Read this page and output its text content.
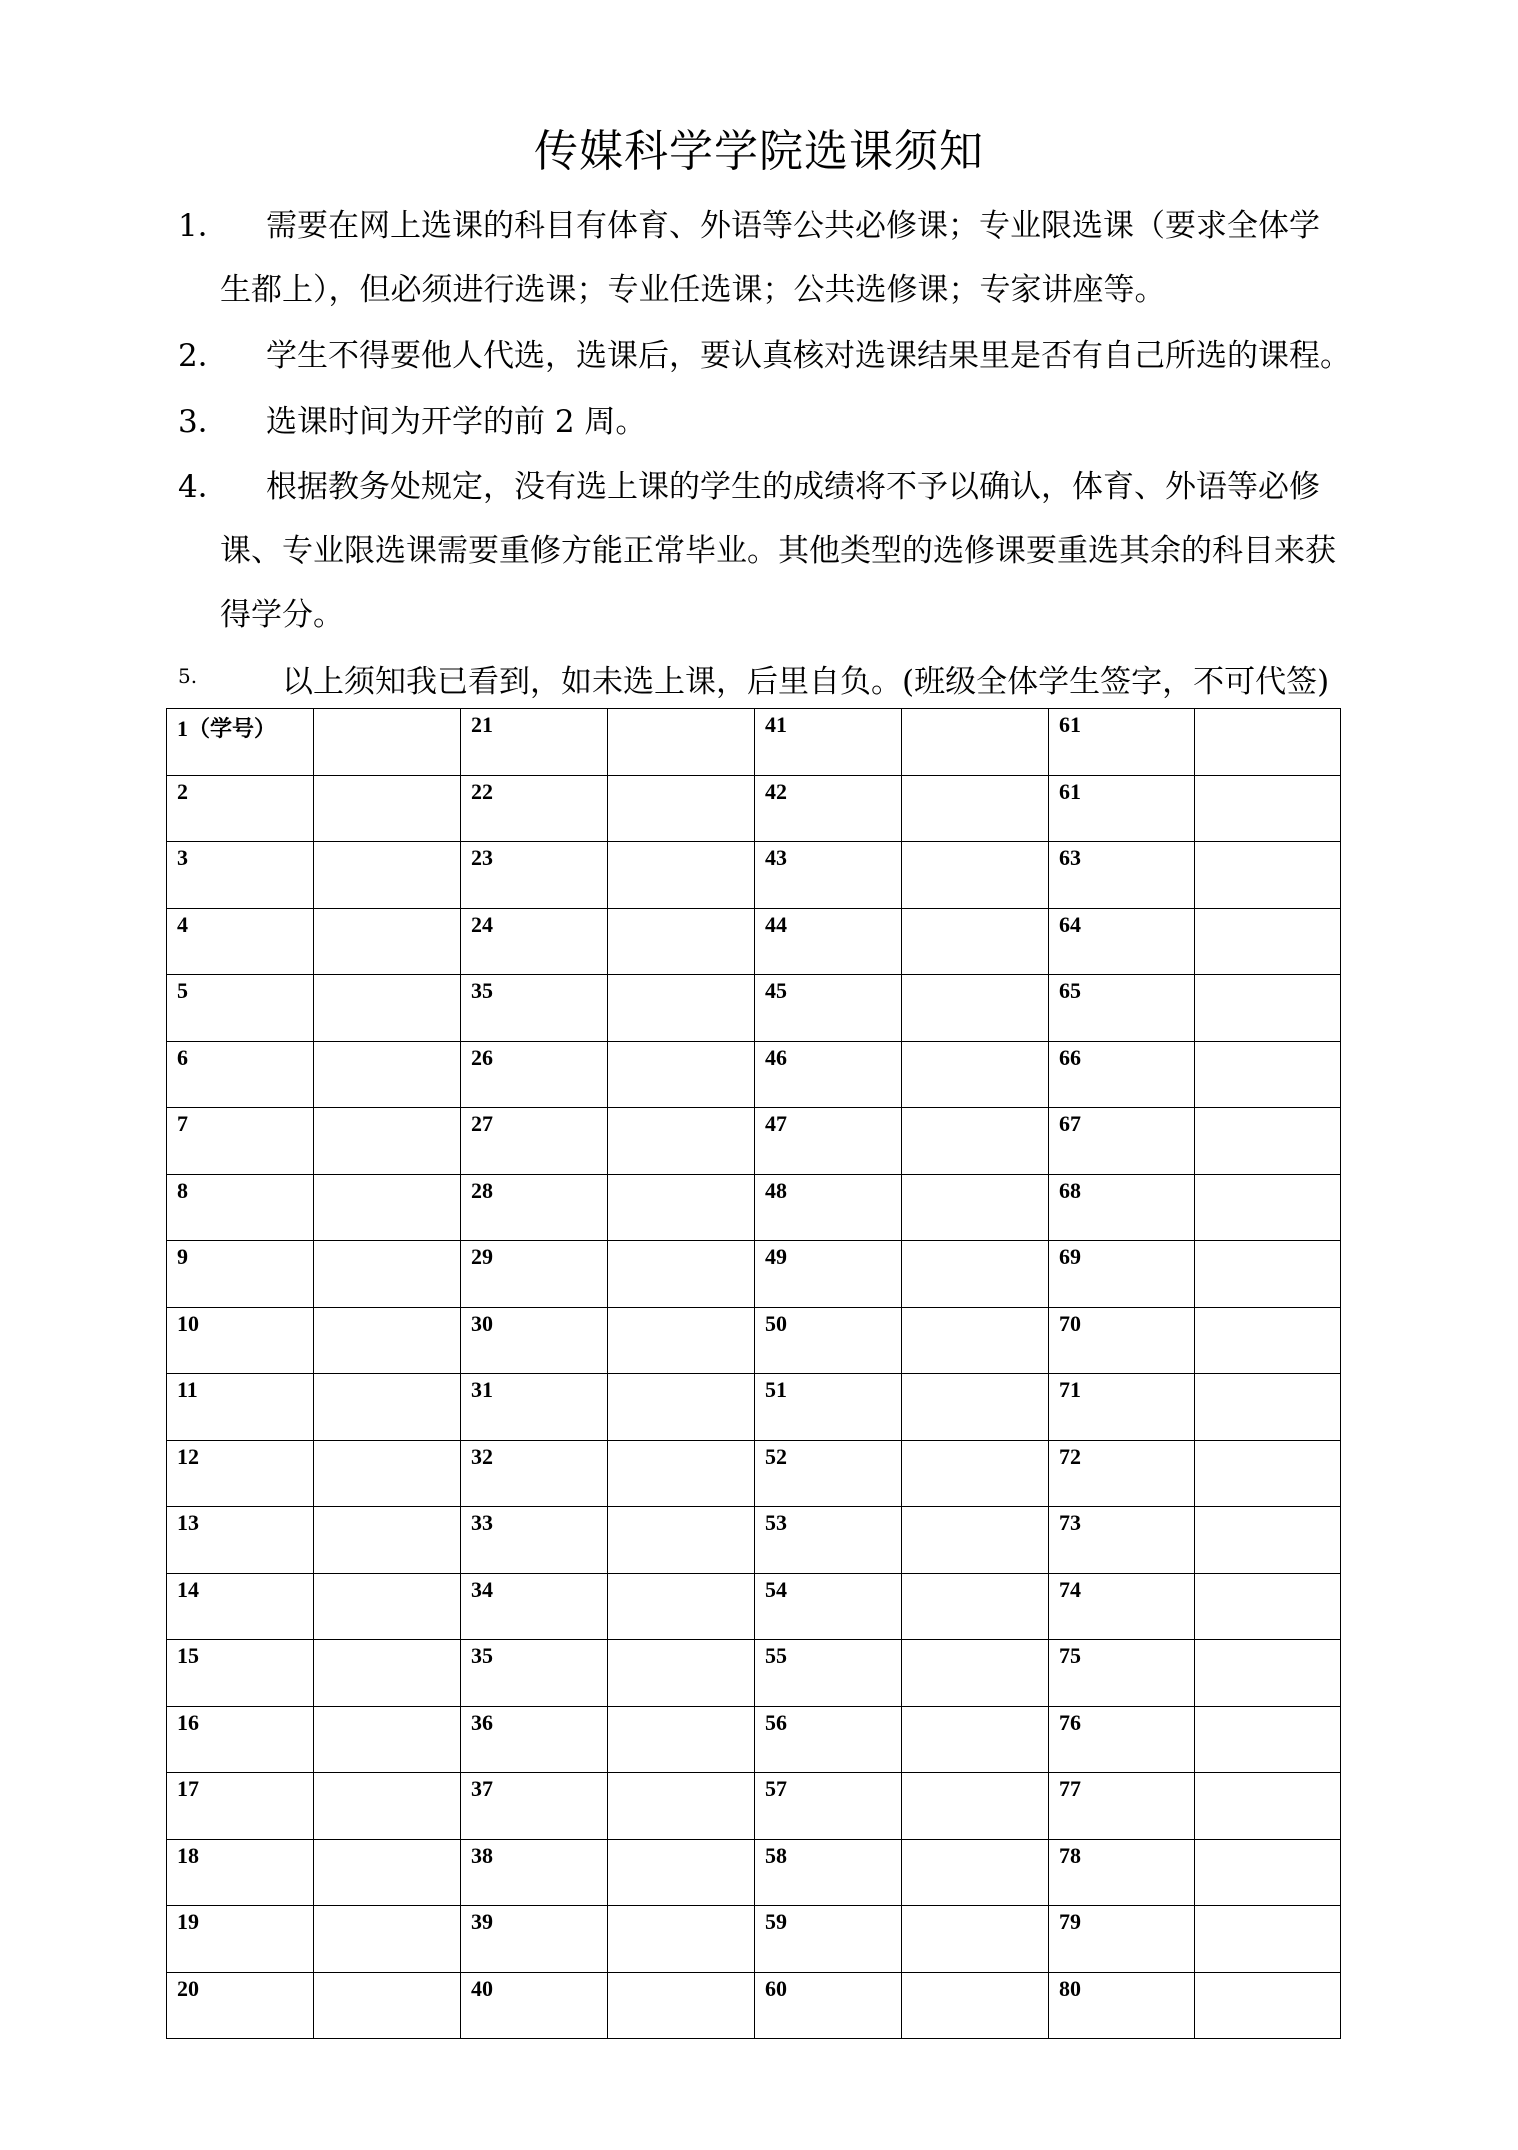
传媒科学学院选课须知
1． 需要在网上选课的科目有体育、外语等公共必修课；专业限选课（要求全体学
生都上），但必须进行选课；专业任选课；公共选修课；专家讲座等。
2． 学生不得要他人代选，选课后，要认真核对选课结果里是否有自己所选的课程。
3． 选课时间为开学的前 2 周。
4． 根据教务处规定，没有选上课的学生的成绩将不予以确认，体育、外语等必修
课、专业限选课需要重修方能正常毕业。其他类型的选修课要重选其余的科目来获
得学分。
5.	以上须知我已看到，如未选上课，后里自负。(班级全体学生签字，不可代签)
1（学号）		21		41		61	
2		22		42		61	
3		23		43		63	
4		24		44		64	
5		35		45		65	
6		26		46		66	
7		27		47		67	
8		28		48		68	
9		29		49		69	
10		30		50		70	
11		31		51		71	
12		32		52		72	
13		33		53		73	
14		34		54		74	
15		35		55		75	
16		36		56		76	
17		37		57		77	
18		38		58		78	
19		39		59		79	
20		40		60		80	
